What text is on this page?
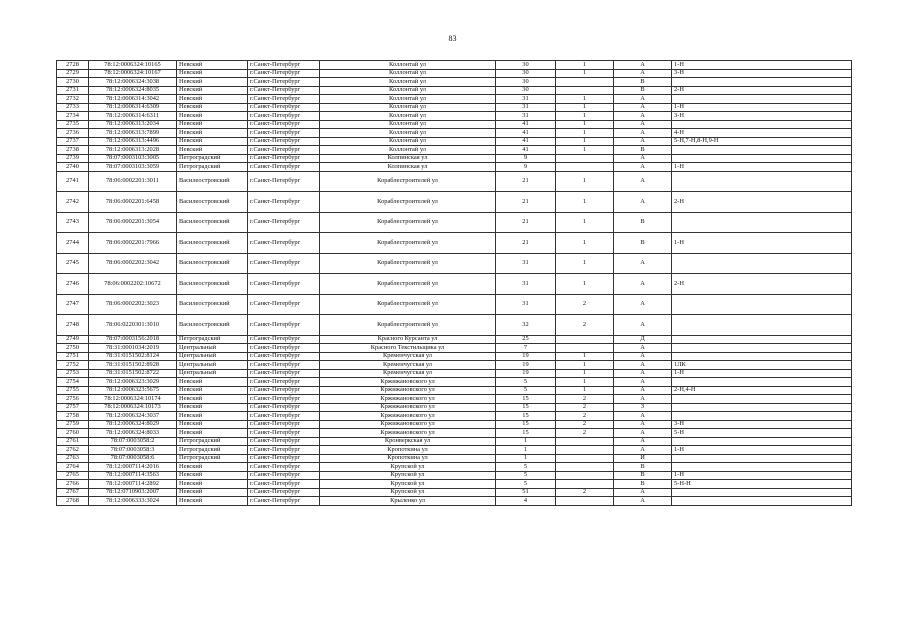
83
2728	78:12:0006324:10165	Невский	г.Санкт-Петербург	Коллонтай ул	30	1	А	1-Н
2729	78:12:0006324:10167	Невский	г.Санкт-Петербург	Коллонтай ул	30	1	А	3-Н
2730	78:12:0006324:3038	Невский	г.Санкт-Петербург	Коллонтай ул	30		В	
2731	78:12:0006324:8035	Невский	г.Санкт-Петербург	Коллонтай ул	30		В	2-Н
2732	78:12:0006314:3042	Невский	г.Санкт-Петербург	Коллонтай ул	31	1	А	
2733	78:12:0006314:6309	Невский	г.Санкт-Петербург	Коллонтай ул	31	1	А	1-Н
2734	78:12:0006314:6311	Невский	г.Санкт-Петербург	Коллонтай ул	31	1	А	3-Н
2735	78:12:0006313:2034	Невский	г.Санкт-Петербург	Коллонтай ул	41	1	А	
2736	78:12:0006313:7899	Невский	г.Санкт-Петербург	Коллонтай ул	41	1	А	4-Н
2737	78:12:0006313:4496	Невский	г.Санкт-Петербург	Коллонтай ул	41	1	А	5-Н,7-Н,8-Н,9-Н
2738	78:12:0006313:2028	Невский	г.Санкт-Петербург	Коллонтай ул	41	1	В	
2739	78:07:0003103:3005	Петроградский	г.Санкт-Петербург	Колпинская ул	9		А	
2740	78:07:0003103:3059	Петроградский	г.Санкт-Петербург	Колпинская ул	9		А	1-Н
2741	78:06:0002201:3011	Василеостровский	г.Санкт-Петербург	Кораблестроителей ул	21	1	А	
2742	78:06:0002201:6458	Василеостровский	г.Санкт-Петербург	Кораблестроителей ул	21	1	А	2-Н
2743	78:06:0002201:3054	Василеостровский	г.Санкт-Петербург	Кораблестроителей ул	21	1	В	
2744	78:06:0002201:7966	Василеостровский	г.Санкт-Петербург	Кораблестроителей ул	21	1	В	1-Н
2745	78:06:0002202:3042	Василеостровский	г.Санкт-Петербург	Кораблестроителей ул	31	1	А	
2746	78:06:0002202:10672	Василеостровский	г.Санкт-Петербург	Кораблестроителей ул	31	1	А	2-Н
2747	78:06:0002202:3023	Василеостровский	г.Санкт-Петербург	Кораблестроителей ул	31	2	А	
2748	78:06:0220301:3010	Василеостровский	г.Санкт-Петербург	Кораблестроителей ул	32	2	А	
2749	78:07:0003156:2018	Петроградский	г.Санкт-Петербург	Красного Курсанта ул	25		Д	
2750	78:31:0001034:2019	Центральный	г.Санкт-Петербург	Красного Текстильщика ул	7		А	
2751	78:31:0151502:8124	Центральный	г.Санкт-Петербург	Кременчугская ул	19	1	А	
2752	78:31:0151502:8928	Центральный	г.Санкт-Петербург	Кременчугская ул	19	1	А	1ЛК
2753	78:31:0151502:8722	Центральный	г.Санкт-Петербург	Кременчугская ул	19	1	А	1-Н
2754	78:12:0006323:3029	Невский	г.Санкт-Петербург	Кржижановского ул	5	1	А	
2755	78:12:0006323:5675	Невский	г.Санкт-Петербург	Кржижановского ул	5	1	А	2-Н,4-Н
2756	78:12:0006324:10174	Невский	г.Санкт-Петербург	Кржижановского ул	15	2	А	
2757	78:12:0006324:10173	Невский	г.Санкт-Петербург	Кржижановского ул	15	2	З	
2758	78:12:0006324:3037	Невский	г.Санкт-Петербург	Кржижановского ул	15	2	А	
2759	78:12:0006324:8029	Невский	г.Санкт-Петербург	Кржижановского ул	15	2	А	3-Н
2760	78:12:0006324:8033	Невский	г.Санкт-Петербург	Кржижановского ул	15	2	А	5-Н
2761	78:07:0003058:2	Петроградский	г.Санкт-Петербург	Кронверкская ул	1		А	
2762	78:07:0003058:3	Петроградский	г.Санкт-Петербург	Кропоткина ул	1		А	1-Н
2763	78:07:0003058:6	Петроградский	г.Санкт-Петербург	Кропоткина ул	1		И	
2764	78:12:0007114:2016	Невский	г.Санкт-Петербург	Крупской ул	5		В	
2765	78:12:0007114:3563	Невский	г.Санкт-Петербург	Крупской ул	5		В	1-Н
2766	78:12:0007114:2892	Невский	г.Санкт-Петербург	Крупской ул	5		В	5-Н-Н
2767	78:12:0710903:2007	Невский	г.Санкт-Петербург	Крупской ул	51	2	А	
2768	78:12:0006333:3024	Невский	г.Санкт-Петербург	Крыленко ул	4		А	
